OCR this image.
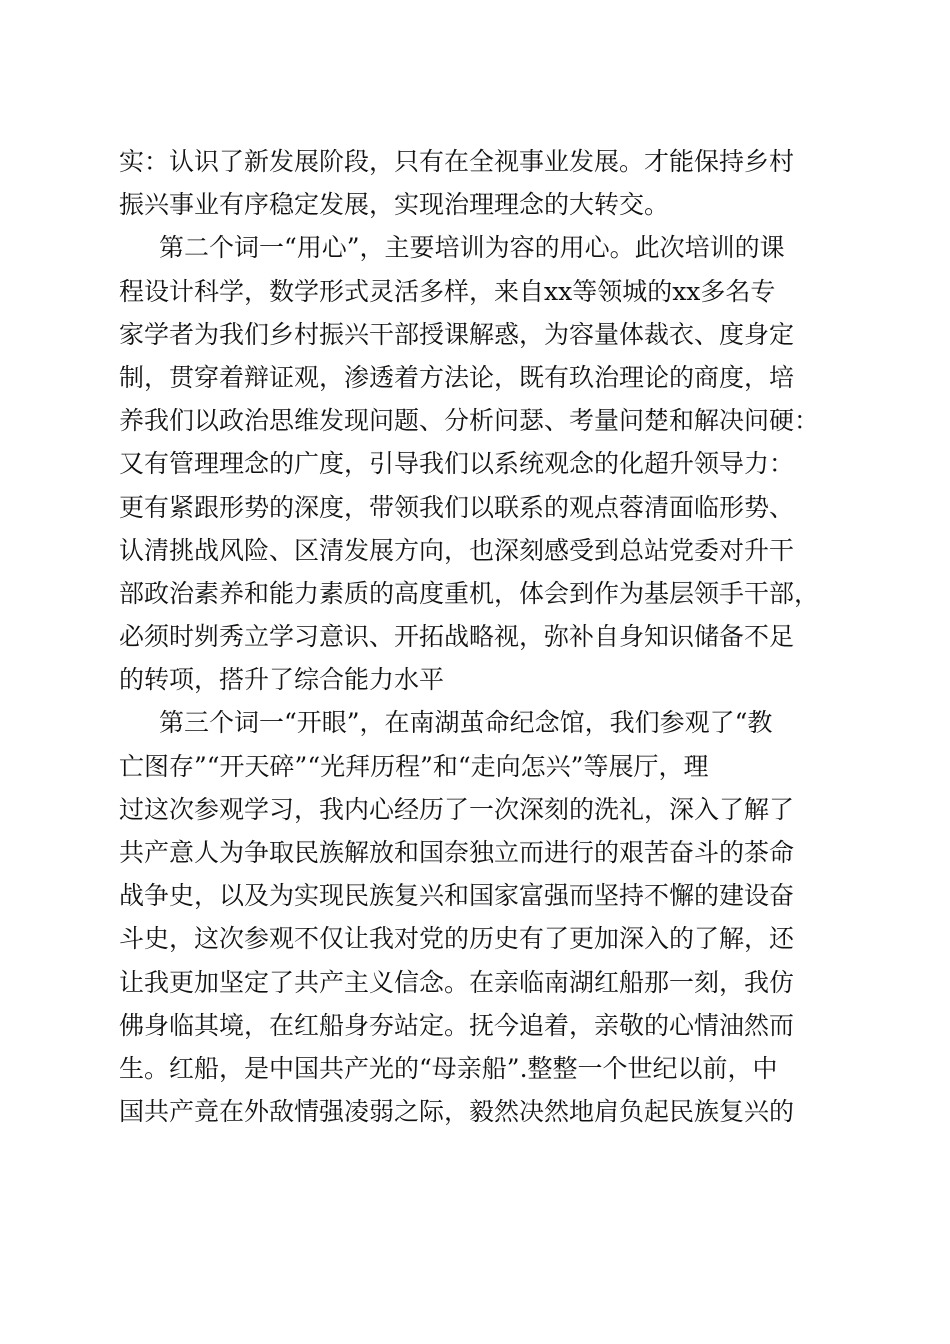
实：认识了新发展阶段，只有在全视事业发展。才能保持乡村
振兴事业有序稳定发展，实现治理理念的大转交。
第二个词一“用心”，主要培训为容的用心。此次培训的课
程设计科学，数学形式灵活多样，来自xx等领城的xx多名专
家学者为我们乡村振兴干部授课解惑，为容量体裁衣、度身定
制，贯穿着辩证观，渗透着方法论，既有玖治理论的商度，培
养我们以政治思维发现问题、分析问瑟、考量问楚和解决问硬：
又有管理理念的广度，引导我们以系统观念的化超升领导力：
更有紧跟形势的深度，带领我们以联系的观点蓉清面临形势、
认清挑战风险、区清发展方向，也深刻感受到总站党委对升干
部政治素养和能力素质的高度重机，体会到作为基层领手干部，
必须时刿秀立学习意识、开拓战略视，弥补自身知识储备不足
的转项，搭升了综合能力水平
第三个词一“开眼”，在南湖茧命纪念馆，我们参观了“教
亡图存”“开天碎”“光拜历程”和“走向怎兴”等展厅，理
过这次参观学习，我内心经历了一次深刻的洗礼，深入了解了
共产意人为争取民族解放和国奈独立而进行的艰苦奋斗的茶命
战争史，以及为实现民族复兴和国家富强而坚持不懈的建设奋
斗史，这次参观不仅让我对党的历史有了更加深入的了解，还
让我更加坚定了共产主义信念。在亲临南湖红船那一刻，我仿
佛身临其境，在红船身夯站定。抚今追着，亲敬的心情油然而
生。红船，是中国共产光的“母亲船”.整整一个世纪以前，中
国共产竟在外敌情强凌弱之际，毅然决然地肩负起民族复兴的
